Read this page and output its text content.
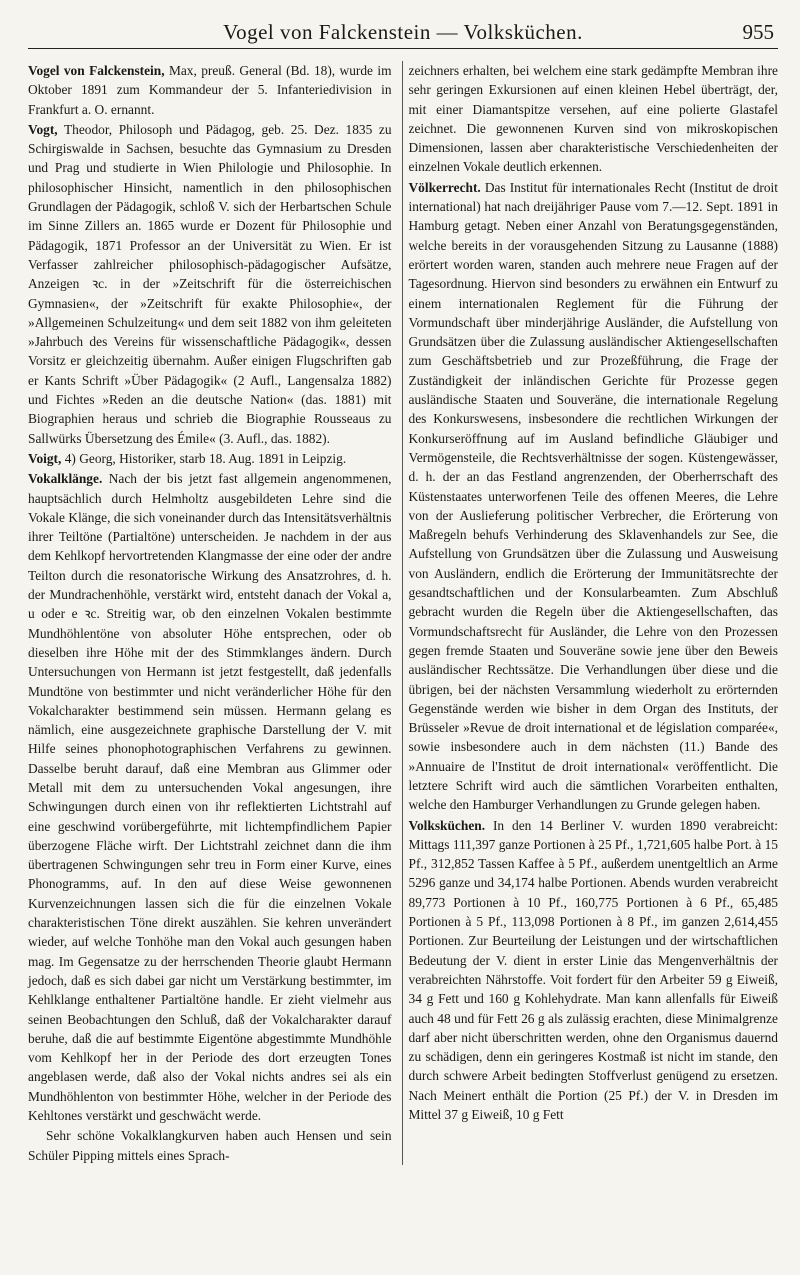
Vogel von Falckenstein — Volksküchen.	955

Vogel von Falckenstein, Max, preuß. General (Bd. 18), wurde im Oktober 1891 zum Kommandeur der 5. Infanteriedivision in Frankfurt a. O. ernannt.

Vogt, Theodor, Philosoph und Pädagog, geb. 25. Dez. 1835 zu Schirgiswalde in Sachsen, besuchte das Gymnasium zu Dresden und Prag und studierte in Wien Philologie und Philosophie. In philosophischer Hinsicht, namentlich in den philosophischen Grundlagen der Pädagogik, schloß V. sich der Herbartschen Schule im Sinne Zillers an. 1865 wurde er Dozent für Philosophie und Pädagogik, 1871 Professor an der Universität zu Wien. Er ist Verfasser zahlreicher philosophisch-pädagogischer Aufsätze, Anzeigen ꝛc. in der »Zeitschrift für die österreichischen Gymnasien«, der »Zeitschrift für exakte Philosophie«, der »Allgemeinen Schulzeitung« und dem seit 1882 von ihm geleiteten »Jahrbuch des Vereins für wissenschaftliche Pädagogik«, dessen Vorsitz er gleichzeitig übernahm. Außer einigen Flugschriften gab er Kants Schrift »Über Pädagogik« (2 Aufl., Langensalza 1882) und Fichtes »Reden an die deutsche Nation« (das. 1881) mit Biographien heraus und schrieb die Biographie Rousseaus zu Sallwürks Übersetzung des Émile« (3. Aufl., das. 1882).

Voigt, 4) Georg, Historiker, starb 18. Aug. 1891 in Leipzig.

Vokalklänge. Nach der bis jetzt fast allgemein angenommenen, hauptsächlich durch Helmholtz ausgebildeten Lehre sind die Vokale Klänge, die sich voneinander durch das Intensitätsverhältnis ihrer Teiltöne (Partialtöne) unterscheiden. Je nachdem in der aus dem Kehlkopf hervortretenden Klangmasse der eine oder der andre Teilton durch die resonatorische Wirkung des Ansatzrohres, d. h. der Mundrachenhöhle, verstärkt wird, entsteht danach der Vokal a, u oder e ꝛc. Streitig war, ob den einzelnen Vokalen bestimmte Mundhöhlentöne von absoluter Höhe entsprechen, oder ob dieselben ihre Höhe mit der des Stimmklanges ändern. Durch Untersuchungen von Hermann ist jetzt festgestellt, daß jedenfalls Mundtöne von bestimmter und nicht veränderlicher Höhe für den Vokalcharakter bestimmend sein müssen. Hermann gelang es nämlich, eine ausgezeichnete graphische Darstellung der V. mit Hilfe seines phonophotographischen Verfahrens zu gewinnen. Dasselbe beruht darauf, daß eine Membran aus Glimmer oder Metall mit dem zu untersuchenden Vokal angesungen, ihre Schwingungen durch einen von ihr reflektierten Lichtstrahl auf eine geschwind vorübergeführte, mit lichtempfindlichem Papier überzogene Fläche wirft. Der Lichtstrahl zeichnet dann die ihm übertragenen Schwingungen sehr treu in Form einer Kurve, eines Phonogramms, auf. In den auf diese Weise gewonnenen Kurvenzeichnungen lassen sich die für die einzelnen Vokale charakteristischen Töne direkt auszählen. Sie kehren unverändert wieder, auf welche Tonhöhe man den Vokal auch gesungen haben mag. Im Gegensatze zu der herrschenden Theorie glaubt Hermann jedoch, daß es sich dabei gar nicht um Verstärkung bestimmter, im Kehlklange enthaltener Partialtöne handle. Er zieht vielmehr aus seinen Beobachtungen den Schluß, daß der Vokalcharakter darauf beruhe, daß die auf bestimmte Eigentöne abgestimmte Mundhöhle vom Kehlkopf her in der Periode des dort erzeugten Tones angeblasen werde, daß also der Vokal nichts andres sei als ein Mundhöhlenton von bestimmter Höhe, welcher in der Periode des Kehltones verstärkt und geschwächt werde.

Sehr schöne Vokalklangkurven haben auch Hensen und sein Schüler Pipping mittels eines Sprach-

zeichners erhalten, bei welchem eine stark gedämpfte Membran ihre sehr geringen Exkursionen auf einen kleinen Hebel überträgt, der, mit einer Diamantspitze versehen, auf eine polierte Glastafel zeichnet. Die gewonnenen Kurven sind von mikroskopischen Dimensionen, lassen aber charakteristische Verschiedenheiten der einzelnen Vokale deutlich erkennen.

Völkerrecht. Das Institut für internationales Recht (Institut de droit international) hat nach dreijähriger Pause vom 7.—12. Sept. 1891 in Hamburg getagt. Neben einer Anzahl von Beratungsgegenständen, welche bereits in der vorausgehenden Sitzung zu Lausanne (1888) erörtert worden waren, standen auch mehrere neue Fragen auf der Tagesordnung. Hiervon sind besonders zu erwähnen ein Entwurf zu einem internationalen Reglement für die Führung der Vormundschaft über minderjährige Ausländer, die Aufstellung von Grundsätzen über die Zulassung ausländischer Aktiengesellschaften zum Geschäftsbetrieb und zur Prozeßführung, die Frage der Zuständigkeit der inländischen Gerichte für Prozesse gegen ausländische Staaten und Souveräne, die internationale Regelung des Konkurswesens, insbesondere die rechtlichen Wirkungen der Konkurseröffnung auf im Ausland befindliche Gläubiger und Vermögensteile, die Rechtsverhältnisse der sogen. Küstengewässer, d. h. der an das Festland angrenzenden, der Oberherrschaft des Küstenstaates unterworfenen Teile des offenen Meeres, die Lehre von der Auslieferung politischer Verbrecher, die Erörterung von Maßregeln behufs Verhinderung des Sklavenhandels zur See, die Aufstellung von Grundsätzen über die Zulassung und Ausweisung von Ausländern, endlich die Erörterung der Immunitätsrechte der gesandtschaftlichen und der Konsularbeamten. Zum Abschluß gebracht wurden die Regeln über die Aktiengesellschaften, das Vormundschaftsrecht für Ausländer, die Lehre von den Prozessen gegen fremde Staaten und Souveräne sowie jene über den Beweis ausländischer Rechtssätze. Die Verhandlungen über diese und die übrigen, bei der nächsten Versammlung wiederholt zu erörternden Gegenstände werden wie bisher in dem Organ des Instituts, der Brüsseler »Revue de droit international et de législation comparée«, sowie insbesondere auch in dem nächsten (11.) Bande des »Annuaire de l'Institut de droit international« veröffentlicht. Die letztere Schrift wird auch die sämtlichen Vorarbeiten enthalten, welche den Hamburger Verhandlungen zu Grunde gelegen haben.

Volksküchen. In den 14 Berliner V. wurden 1890 verabreicht: Mittags 111,397 ganze Portionen à 25 Pf., 1,721,605 halbe Port. à 15 Pf., 312,852 Tassen Kaffee à 5 Pf., außerdem unentgeltlich an Arme 5296 ganze und 34,174 halbe Portionen. Abends wurden verabreicht 89,773 Portionen à 10 Pf., 160,775 Portionen à 6 Pf., 65,485 Portionen à 5 Pf., 113,098 Portionen à 8 Pf., im ganzen 2,614,455 Portionen. Zur Beurteilung der Leistungen und der wirtschaftlichen Bedeutung der V. dient in erster Linie das Mengenverhältnis der verabreichten Nährstoffe. Voit fordert für den Arbeiter 59 g Eiweiß, 34 g Fett und 160 g Kohlehydrate. Man kann allenfalls für Eiweiß auch 48 und für Fett 26 g als zulässig erachten, diese Minimalgrenze darf aber nicht überschritten werden, ohne den Organismus dauernd zu schädigen, denn ein geringeres Kostmaß ist nicht im stande, den durch schwere Arbeit bedingten Stoffverlust genügend zu ersetzen. Nach Meinert enthält die Portion (25 Pf.) der V. in Dresden im Mittel 37 g Eiweiß, 10 g Fett
